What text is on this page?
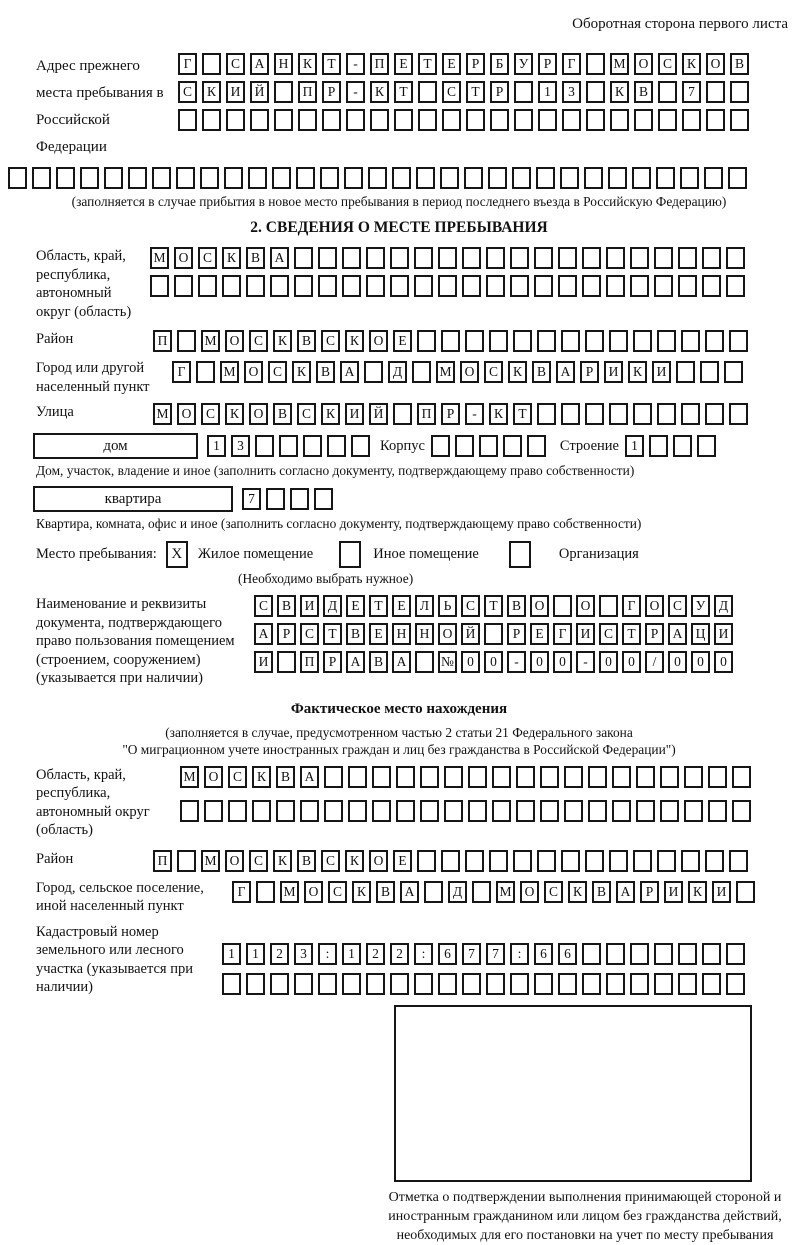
Оборотная сторона первого листа
Адрес прежнего места пребывания в Российской Федерации
Г	С	А	Н	К	Т	-	П	Е	Т	Е	Р	Б	У	Р	Г	М О	С	К	О	В
С	К	И	Й	П	Р	-	К	Т	С	Т	Р	1	3	К	В	7
(заполняется в случае прибытия в новое место пребывания в период последнего въезда в Российскую Федерацию)
2. СВЕДЕНИЯ О МЕСТЕ ПРЕБЫВАНИЯ
Область, край, республика, автономный округ (область)
М О	С	К	В	А
Район	П	М О	С	К	В	С	К	О	Е
Город или другой населенный пункт
Г	М О	С	К	В	А	Д	М О	С	К	В	А	Р	И	К	И
Улица	М О	С	К	О	В	С	К	И	Й	П	Р	-	К	Т
дом	1	3	Корпус	Строение 1
Дом, участок, владение и иное (заполнить согласно документу, подтверждающему право собственности)
квартира	7
Квартира, комната, офис и иное (заполнить согласно документу, подтверждающему право собственности)
Место пребывания: X	Жилое помещение	Иное помещение	Организация
(Необходимо выбрать нужное)
Наименование и реквизиты документа, подтверждающего право пользования помещением (строением, сооружением) (указывается при наличии)
С	В	И	Д	Е	Т	Е	Л	Ь	С	Т	В	О	О	Г	О	С	У	Д
А	Р	С	Т	В	Е	Н Н О Й	Р	Е	Г	И	С	Т	Р	А Ц И
И	П	Р	А	В	А	№ 0	0	-	0	0	-	0	0	/	0	0	0
Фактическое место нахождения
(заполняется в случае, предусмотренном частью 2 статьи 21 Федерального закона
"О миграционном учете иностранных граждан и лиц без гражданства в Российской Федерации")
Область, край, республика, автономный округ (область)
М О	С	К	В	А
Район	П	М О	С	К	В	С	К	О	Е
Город, сельское поселение, иной населенный пункт
Г	М О	С	К	В	А	Д	М О	С	К	В	А	Р	И	К	И
Кадастровый номер земельного или лесного участка (указывается при наличии)
1	1	2	3	:	1	2	2	:	6	7	7	:	6	6
Отметка о подтверждении выполнения принимающей стороной и иностранным гражданином или лицом без гражданства действий, необходимых для его постановки на учет по месту пребывания
